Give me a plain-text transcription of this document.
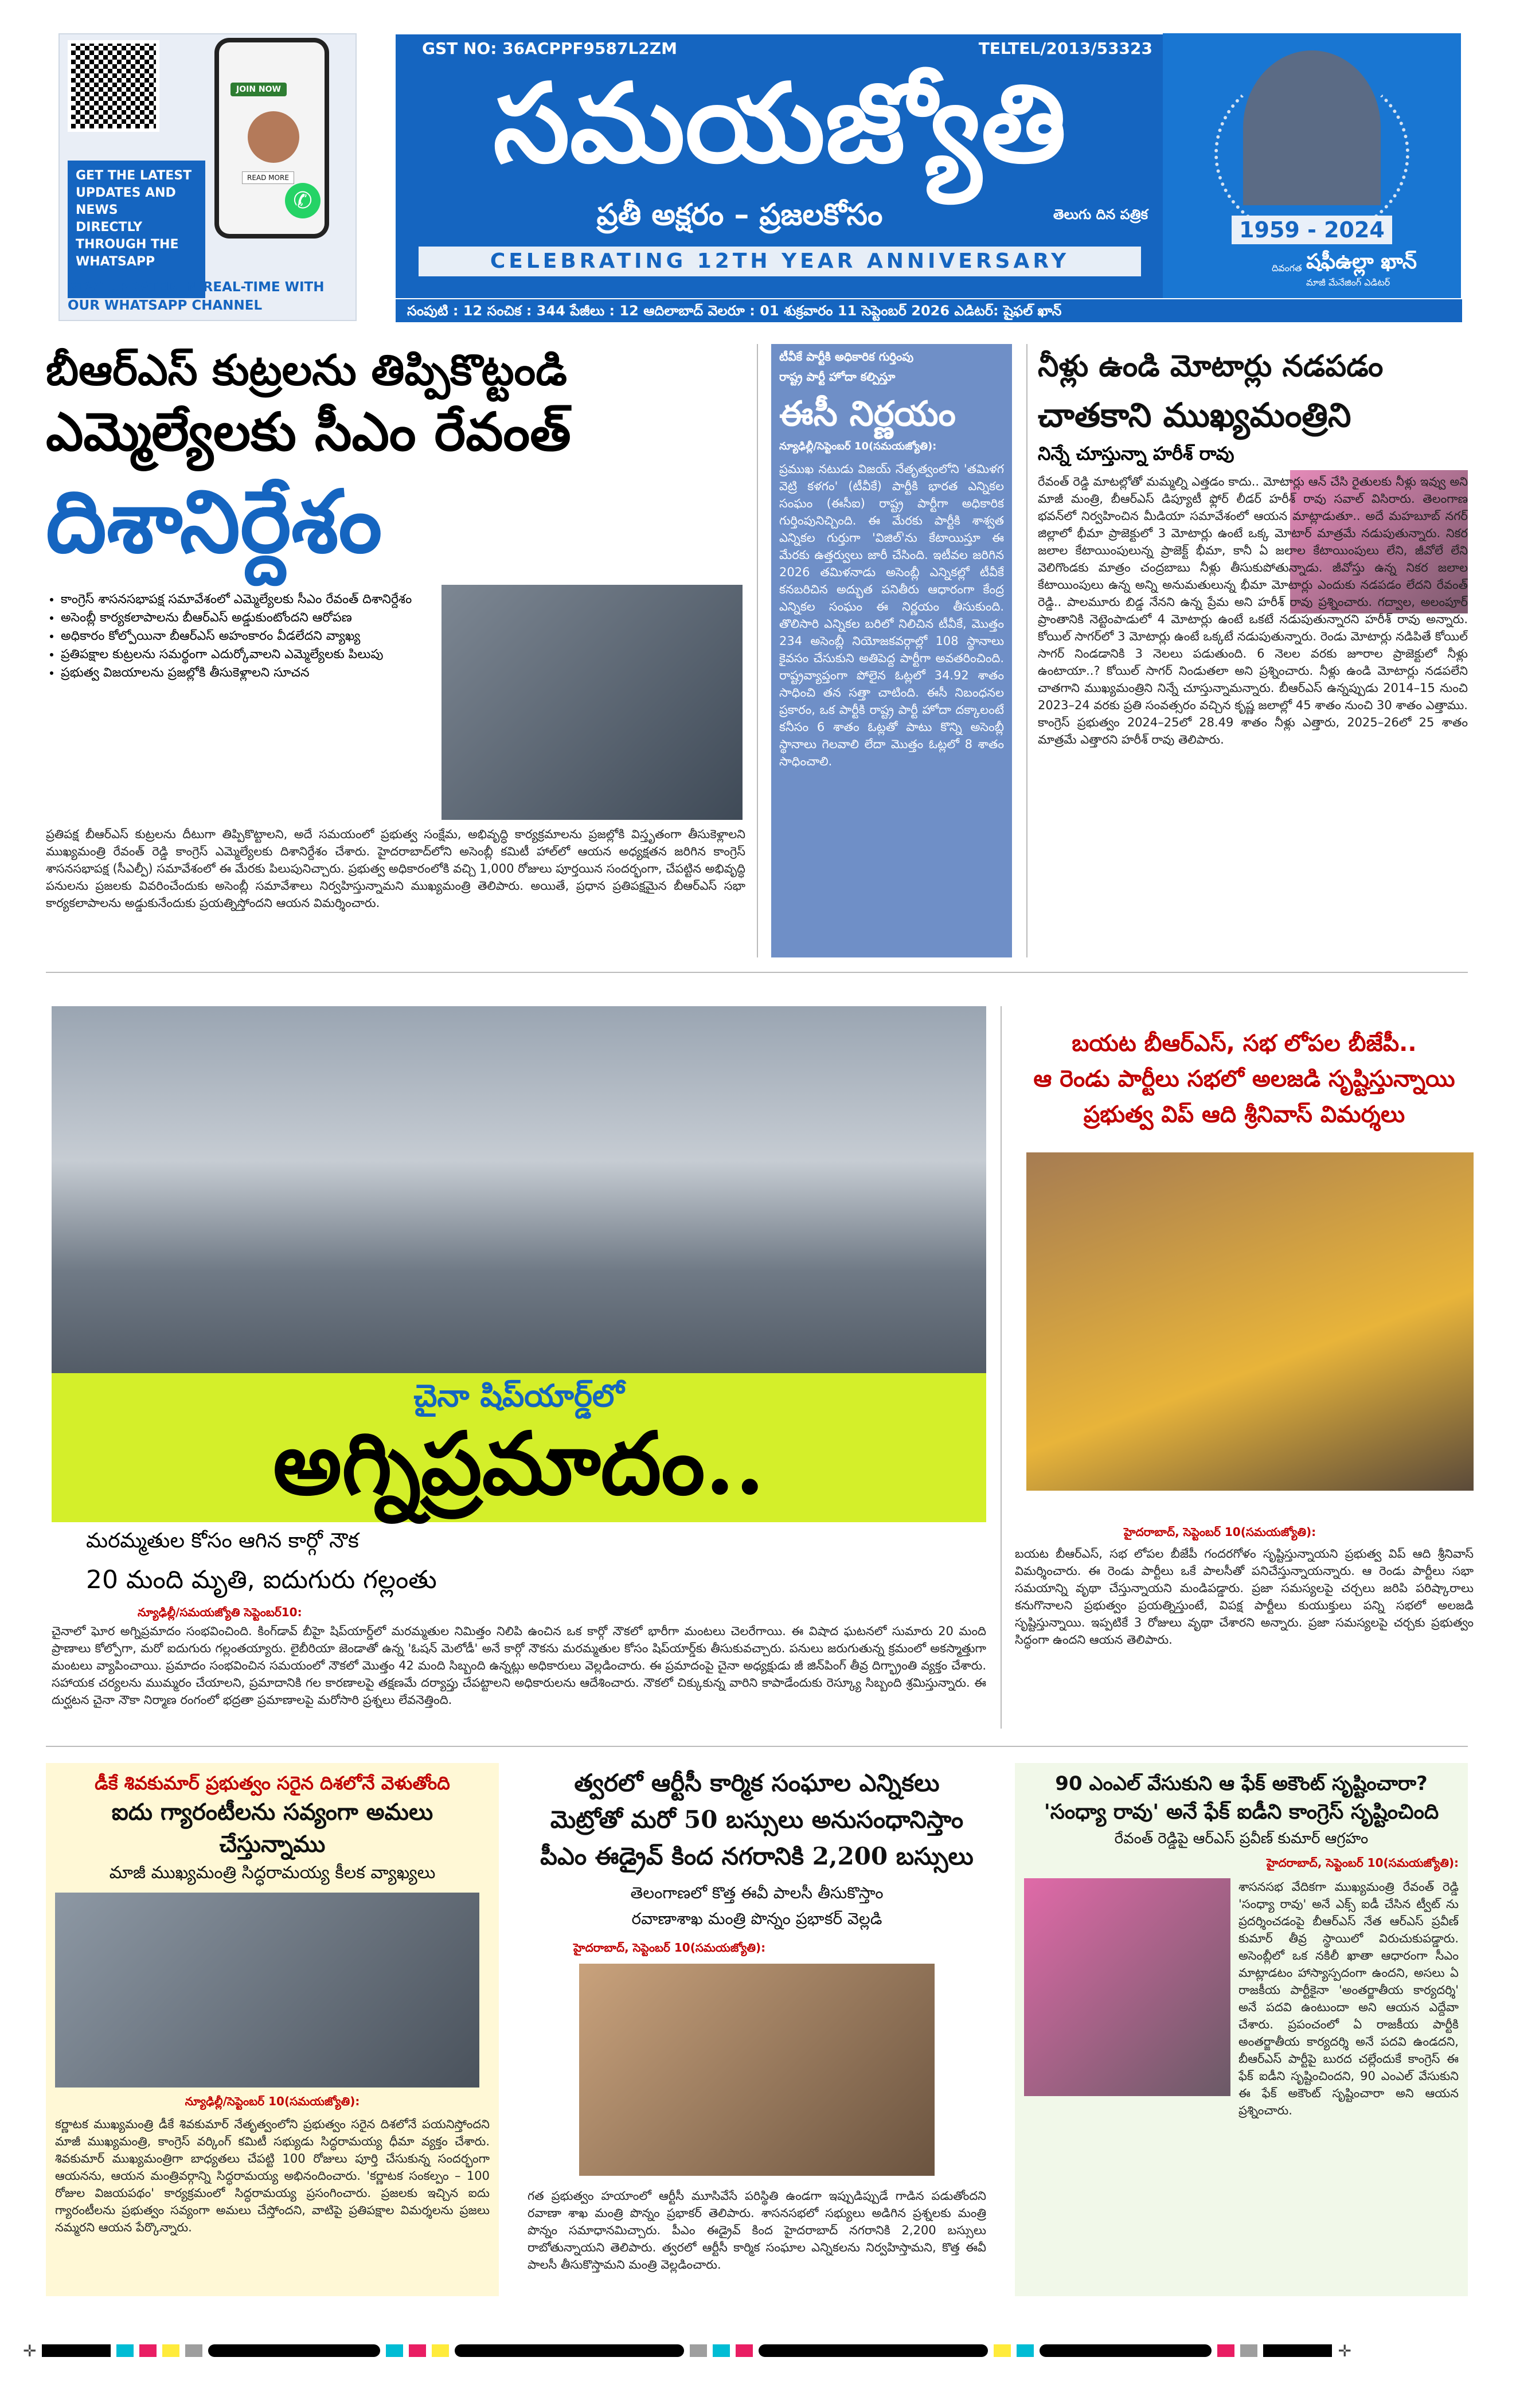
JOIN NOW
READ MORE
✆
GET THE LATEST
UPDATES AND
NEWS
DIRECTLY
THROUGH THE
WHATSAPP
STAY UPDATED IN REAL-TIME WITH OUR WHATSAPP CHANNEL
GST NO: 36ACPPF9587L2ZM	TELTEL/2013/53323
సమయజ్యోతి
ప్రతీ అక్షరం – ప్రజలకోసం	తెలుగు దిన పత్రిక
CELEBRATING 12TH YEAR ANNIVERSARY
1959 - 2024
దివంగత షఫీఉల్లా ఖాన్
మాజీ మేనేజింగ్ ఎడిటర్
సంపుటి : 12 సంచిక : 344 పేజీలు : 12 ఆదిలాబాద్ వెలరూ : 01 శుక్రవారం 11 సెప్టెంబర్ 2026 ఎడిటర్: షైఫల్ ఖాన్
బీఆర్ఎస్ కుట్రలను తిప్పికొట్టండి
ఎమ్మెల్యేలకు సీఎం రేవంత్
దిశానిర్దేశం
• కాంగ్రెస్ శాసనసభాపక్ష సమావేశంలో ఎమ్మెల్యేలకు సీఎం రేవంత్ దిశానిర్దేశం
• అసెంబ్లీ కార్యకలాపాలను బీఆర్ఎస్ అడ్డుకుంటోందని ఆరోపణ
• అధికారం కోల్పోయినా బీఆర్ఎస్ అహంకారం వీడలేదని వ్యాఖ్య
• ప్రతిపక్షాల కుట్రలను సమర్థంగా ఎదుర్కోవాలని ఎమ్మెల్యేలకు పిలుపు
• ప్రభుత్వ విజయాలను ప్రజల్లోకి తీసుకెళ్లాలని సూచన
ప్రతిపక్ష బీఆర్ఎస్ కుట్రలను దీటుగా తిప్పికొట్టాలని, అదే సమయంలో ప్రభుత్వ సంక్షేమ, అభివృద్ధి కార్యక్రమాలను ప్రజల్లోకి విస్తృతంగా తీసుకెళ్లాలని ముఖ్యమంత్రి రేవంత్ రెడ్డి కాంగ్రెస్ ఎమ్మెల్యేలకు దిశానిర్దేశం చేశారు. హైదరాబాద్‌లోని అసెంబ్లీ కమిటీ హాల్‌లో ఆయన అధ్యక్షతన జరిగిన కాంగ్రెస్ శాసనసభాపక్ష (సీఎల్పీ) సమావేశంలో ఈ మేరకు పిలుపునిచ్చారు. ప్రభుత్వ అధికారంలోకి వచ్చి 1,000 రోజులు పూర్తయిన సందర్భంగా, చేపట్టిన అభివృద్ధి పనులను ప్రజలకు వివరించేందుకు అసెంబ్లీ సమావేశాలు నిర్వహిస్తున్నామని ముఖ్యమంత్రి తెలిపారు. అయితే, ప్రధాన ప్రతిపక్షమైన బీఆర్ఎస్ సభా కార్యకలాపాలను అడ్డుకునేందుకు ప్రయత్నిస్తోందని ఆయన విమర్శించారు.
టీవీకే పార్టీకి అధికారిక గుర్తింపు
రాష్ట్ర పార్టీ హోదా కల్పిస్తూ
ఈసీ నిర్ణయం
న్యూఢిల్లీ/సెప్టెంబర్ 10(సమయజ్యోతి):
ప్రముఖ నటుడు విజయ్ నేతృత్వంలోని 'తమిళగ వెట్రి కళగం' (టీవీకే) పార్టీకి భారత ఎన్నికల సంఘం (ఈసీఐ) రాష్ట్ర పార్టీగా అధికారిక గుర్తింపునిచ్చింది. ఈ మేరకు పార్టీకి శాశ్వత ఎన్నికల గుర్తుగా 'విజిల్'ను కేటాయిస్తూ ఈ మేరకు ఉత్తర్వులు జారీ చేసింది. ఇటీవల జరిగిన 2026 తమిళనాడు అసెంబ్లీ ఎన్నికల్లో టీవీకే కనబరిచిన అద్భుత పనితీరు ఆధారంగా కేంద్ర ఎన్నికల సంఘం ఈ నిర్ణయం తీసుకుంది. తొలిసారి ఎన్నికల బరిలో నిలిచిన టీవీకే, మొత్తం 234 అసెంబ్లీ నియోజకవర్గాల్లో 108 స్థానాలు కైవసం చేసుకుని అతిపెద్ద పార్టీగా అవతరించింది. రాష్ట్రవ్యాప్తంగా పోలైన ఓట్లలో 34.92 శాతం సాధించి తన సత్తా చాటింది. ఈసీ నిబంధనల ప్రకారం, ఒక పార్టీకి రాష్ట్ర పార్టీ హోదా దక్కాలంటే కనీసం 6 శాతం ఓట్లతో పాటు కొన్ని అసెంబ్లీ స్థానాలు గెలవాలి లేదా మొత్తం ఓట్లలో 8 శాతం సాధించాలి.
నీళ్లు ఉండి మోటార్లు నడపడం
చాతకాని ముఖ్యమంత్రిని
నిన్నే చూస్తున్నా హరీశ్ రావు
రేవంత్ రెడ్డి మాటల్లోతో మమ్మల్ని ఎత్తడం కాదు.. మోటార్లు ఆన్ చేసి రైతులకు నీళ్లు ఇవ్వు అని మాజీ మంత్రి, బీఆర్ఎస్ డిప్యూటీ ఫ్లోర్ లీడర్ హరీశ్ రావు సవాల్ విసిరారు. తెలంగాణ భవన్‌లో నిర్వహించిన మీడియా సమావేశంలో ఆయన మాట్లాడుతూ.. అదే మహబూబ్ నగర్ జిల్లాలో భీమా ప్రాజెక్టులో 3 మోటార్లు ఉంటే ఒక్క మోటార్ మాత్రమే నడుపుతున్నారు. నికర జలాల కేటాయింపులున్న ప్రాజెక్ట్ భీమా, కానీ ఏ జలాల కేటాయింపులు లేని, జీవోలే లేని వెలిగొండకు మాత్రం చంద్రబాబు నీళ్లు తీసుకుపోతున్నాడు. జీవోస్తు ఉన్న నికర జలాల కేటాయింపులు ఉన్న అన్ని అనుమతులున్న భీమా మోటార్లు ఎందుకు నడపడం లేదని రేవంత్ రెడ్డి.. పాలమూరు బిడ్డ నేనని ఉన్న ప్రేమ అని హరీశ్ రావు ప్రశ్నించారు. గద్వాల, అలంపూర్ ప్రాంతానికి నెట్టెంపాడులో 4 మోటార్లు ఉంటే ఒకటే నడుపుతున్నారని హరీశ్ రావు అన్నారు. కోయిల్ సాగర్‌లో 3 మోటార్లు ఉంటే ఒక్కటే నడుపుతున్నారు. రెండు మోటార్లు నడిపితే కోయిల్ సాగర్ నిండడానికి 3 నెలలు పడుతుంది. 6 నెలల వరకు జూరాల ప్రాజెక్టులో నీళ్లు ఉంటాయా..? కోయిల్ సాగర్ నిండుతలా అని ప్రశ్నించారు. నీళ్లు ఉండి మోటార్లు నడపలేని చాతగాని ముఖ్యమంత్రిని నిన్నే చూస్తున్నామన్నారు. బీఆర్ఎస్ ఉన్నప్పుడు 2014–15 నుంచి 2023–24 వరకు ప్రతి సంవత్సరం వచ్చిన కృష్ణ జలాల్లో 45 శాతం నుంచి 30 శాతం ఎత్తాము. కాంగ్రెస్ ప్రభుత్వం 2024–25లో 28.49 శాతం నీళ్లు ఎత్తారు, 2025–26లో 25 శాతం మాత్రమే ఎత్తారని హరీశ్ రావు తెలిపారు.
చైనా షిప్‌యార్డ్‌లో
అగ్నిప్రమాదం..
మరమ్మతుల కోసం ఆగిన కార్గో నౌక
20 మంది మృతి, ఐదుగురు గల్లంతు
న్యూఢిల్లీ/సమయజ్యోతి సెప్టెంబర్10:
చైనాలో ఘోర అగ్నిప్రమాదం సంభవించింది. కింగ్‌డావ్ బీహై షిప్‌యార్డ్‌లో మరమ్మతుల నిమిత్తం నిలిపి ఉంచిన ఒక కార్గో నౌకలో భారీగా మంటలు చెలరేగాయి. ఈ విషాద ఘటనలో సుమారు 20 మంది ప్రాణాలు కోల్పోగా, మరో ఐదుగురు గల్లంతయ్యారు. లైబీరియా జెండాతో ఉన్న 'ఓషన్ మెలోడీ' అనే కార్గో నౌకను మరమ్మతుల కోసం షిప్‌యార్డ్‌కు తీసుకువచ్చారు. పనులు జరుగుతున్న క్రమంలో అకస్మాత్తుగా మంటలు వ్యాపించాయి. ప్రమాదం సంభవించిన సమయంలో నౌకలో మొత్తం 42 మంది సిబ్బంది ఉన్నట్లు అధికారులు వెల్లడించారు. ఈ ప్రమాదంపై చైనా అధ్యక్షుడు జీ జిన్‌పింగ్ తీవ్ర దిగ్భ్రాంతి వ్యక్తం చేశారు. సహాయక చర్యలను ముమ్మరం చేయాలని, ప్రమాదానికి గల కారణాలపై తక్షణమే దర్యాప్తు చేపట్టాలని అధికారులను ఆదేశించారు. నౌకలో చిక్కుకున్న వారిని కాపాడేందుకు రెస్క్యూ సిబ్బంది శ్రమిస్తున్నారు. ఈ దుర్ఘటన చైనా నౌకా నిర్మాణ రంగంలో భద్రతా ప్రమాణాలపై మరోసారి ప్రశ్నలు లేవనెత్తింది.
బయట బీఆర్ఎస్, సభ లోపల బీజేపీ..
ఆ రెండు పార్టీలు సభలో అలజడి సృష్టిస్తున్నాయి
ప్రభుత్వ విప్ ఆది శ్రీనివాస్ విమర్శలు
హైదరాబాద్, సెప్టెంబర్ 10(సమయజ్యోతి):
బయట బీఆర్ఎస్, సభ లోపల బీజేపీ గందరగోళం సృష్టిస్తున్నాయని ప్రభుత్వ విప్ ఆది శ్రీనివాస్ విమర్శించారు. ఈ రెండు పార్టీలు ఒకే పాలసీతో పనిచేస్తున్నాయన్నారు. ఆ రెండు పార్టీలు సభా సమయాన్ని వృథా చేస్తున్నాయని మండిపడ్డారు. ప్రజా సమస్యలపై చర్చలు జరిపి పరిష్కారాలు కనుగొనాలని ప్రభుత్వం ప్రయత్నిస్తుంటే, విపక్ష పార్టీలు కుయుక్తులు పన్ని సభలో అలజడి సృష్టిస్తున్నాయి. ఇప్పటికే 3 రోజులు వృథా చేశారని అన్నారు. ప్రజా సమస్యలపై చర్చకు ప్రభుత్వం సిద్ధంగా ఉందని ఆయన తెలిపారు.
డీకే శివకుమార్ ప్రభుత్వం సరైన దిశలోనే వెళుతోంది
ఐదు గ్యారంటీలను సవ్యంగా అమలు చేస్తున్నాము
మాజీ ముఖ్యమంత్రి సిద్ధరామయ్య కీలక వ్యాఖ్యలు
న్యూఢిల్లీ/సెప్టెంబర్ 10(సమయజ్యోతి):
కర్ణాటక ముఖ్యమంత్రి డీకే శివకుమార్ నేతృత్వంలోని ప్రభుత్వం సరైన దిశలోనే పయనిస్తోందని మాజీ ముఖ్యమంత్రి, కాంగ్రెస్ వర్కింగ్ కమిటీ సభ్యుడు సిద్ధరామయ్య ధీమా వ్యక్తం చేశారు. శివకుమార్ ముఖ్యమంత్రిగా బాధ్యతలు చేపట్టి 100 రోజులు పూర్తి చేసుకున్న సందర్భంగా ఆయనను, ఆయన మంత్రివర్గాన్ని సిద్ధరామయ్య అభినందించారు. 'కర్ణాటక సంకల్పం – 100 రోజుల విజయపథం' కార్యక్రమంలో సిద్ధరామయ్య ప్రసంగించారు. ప్రజలకు ఇచ్చిన ఐదు గ్యారంటీలను ప్రభుత్వం సవ్యంగా అమలు చేస్తోందని, వాటిపై ప్రతిపక్షాల విమర్శలను ప్రజలు నమ్మరని ఆయన పేర్కొన్నారు.
త్వరలో ఆర్టీసీ కార్మిక సంఘాల ఎన్నికలు
మెట్రోతో మరో 50 బస్సులు అనుసంధానిస్తాం
పీఎం ఈడ్రైవ్ కింద నగరానికి 2,200 బస్సులు
తెలంగాణలో కొత్త ఈవీ పాలసీ తీసుకొస్తాం
రవాణాశాఖ మంత్రి పొన్నం ప్రభాకర్ వెల్లడి
హైదరాబాద్, సెప్టెంబర్ 10(సమయజ్యోతి):
గత ప్రభుత్వం హయాంలో ఆర్టీసీ మూసివేసే పరిస్థితి ఉండగా ఇప్పుడిప్పుడే గాడిన పడుతోందని రవాణా శాఖ మంత్రి పొన్నం ప్రభాకర్ తెలిపారు. శాసనసభలో సభ్యులు అడిగిన ప్రశ్నలకు మంత్రి పొన్నం సమాధానమిచ్చారు. పీఎం ఈడ్రైవ్ కింద హైదరాబాద్ నగరానికి 2,200 బస్సులు రాబోతున్నాయని తెలిపారు. త్వరలో ఆర్టీసీ కార్మిక సంఘాల ఎన్నికలను నిర్వహిస్తామని, కొత్త ఈవీ పాలసీ తీసుకొస్తామని మంత్రి వెల్లడించారు.
90 ఎంఎల్ వేసుకుని ఆ ఫేక్ అకౌంట్ సృష్టించారా?
'సంధ్యా రావు' అనే ఫేక్ ఐడీని కాంగ్రెస్ సృష్టించింది
రేవంత్ రెడ్డిపై ఆర్ఎస్ ప్రవీణ్ కుమార్ ఆగ్రహం
హైదరాబాద్, సెప్టెంబర్ 10(సమయజ్యోతి):
శాసనసభ వేదికగా ముఖ్యమంత్రి రేవంత్ రెడ్డి 'సంధ్యా రావు' అనే ఎక్స్ ఐడీ చేసిన ట్వీట్ ను ప్రదర్శించడంపై బీఆర్ఎస్ నేత ఆర్ఎస్ ప్రవీణ్ కుమార్ తీవ్ర స్థాయిలో విరుచుకుపడ్డారు. అసెంబ్లీలో ఒక నకిలీ ఖాతా ఆధారంగా సీఎం మాట్లాడటం హాస్యాస్పదంగా ఉందని, అసలు ఏ రాజకీయ పార్టీకైనా 'అంతర్జాతీయ కార్యదర్శి' అనే పదవి ఉంటుందా అని ఆయన ఎద్దేవా చేశారు. ప్రపంచంలో ఏ రాజకీయ పార్టీకి అంతర్జాతీయ కార్యదర్శి అనే పదవి ఉండదని, బీఆర్ఎస్ పార్టీపై బురద చల్లేందుకే కాంగ్రెస్ ఈ ఫేక్ ఐడీని సృష్టించిందని, 90 ఎంఎల్ వేసుకుని ఈ ఫేక్ అకౌంట్ సృష్టించారా అని ఆయన ప్రశ్నించారు.
✛	✛
